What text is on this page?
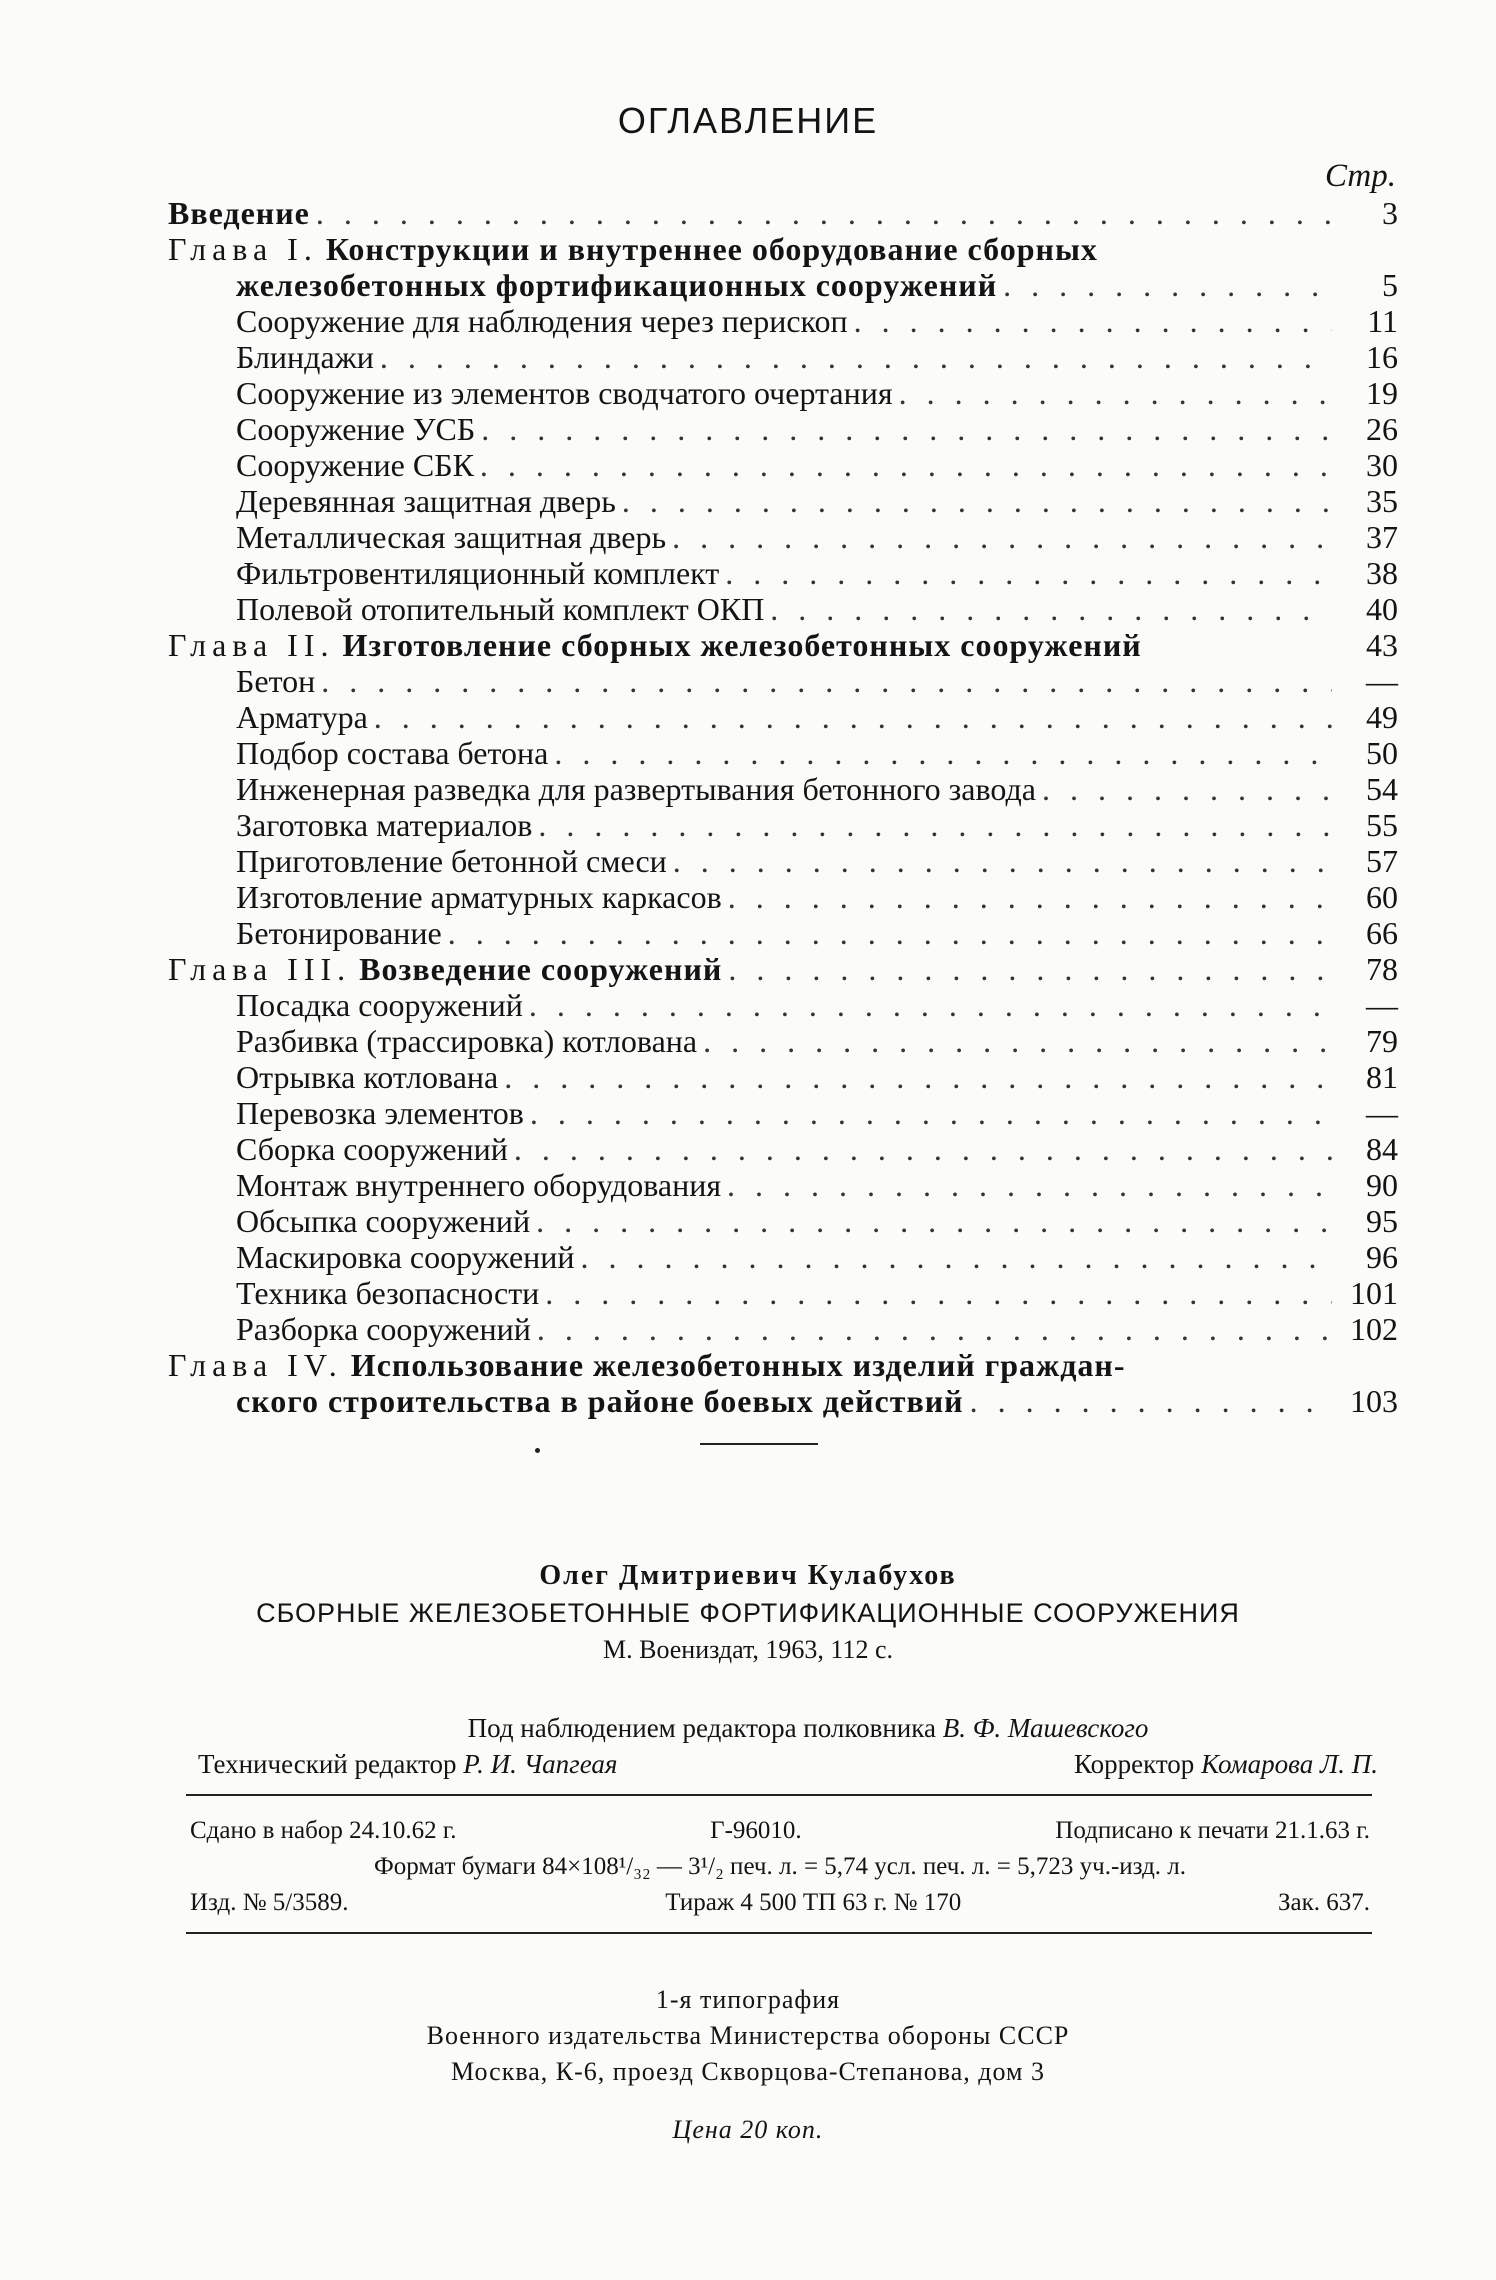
ОГЛАВЛЕНИЕ
Стр.
Введение . . .	3
Глава I. Конструкции и внутреннее оборудование сборных
железобетонных фортификационных сооружений . . .	5
Сооружение для наблюдения через перископ . . .	11
Блиндажи . . .	16
Сооружение из элементов сводчатого очертания . . .	19
Сооружение УСБ . . .	26
Сооружение СБК . . .	30
Деревянная защитная дверь . . .	35
Металлическая защитная дверь . . .	37
Фильтровентиляционный комплект . . .	38
Полевой отопительный комплект ОКП . . .	40
Глава II. Изготовление сборных железобетонных сооружений	43
Бетон . . .	—
Арматура . . .	49
Подбор состава бетона . . .	50
Инженерная разведка для развертывания бетонного завода . . .	54
Заготовка материалов . . .	55
Приготовление бетонной смеси . . .	57
Изготовление арматурных каркасов . . .	60
Бетонирование . . .	66
Глава III. Возведение сооружений . . .	78
Посадка сооружений . . .	—
Разбивка (трассировка) котлована . . .	79
Отрывка котлована . . .	81
Перевозка элементов . . .	—
Сборка сооружений . . .	84
Монтаж внутреннего оборудования . . .	90
Обсыпка сооружений . . .	95
Маскировка сооружений . . .	96
Техника безопасности . . .	101
Разборка сооружений . . .	102
Глава IV. Использование железобетонных изделий граждан-
ского строительства в районе боевых действий . . .	103
Олег Дмитриевич Кулабухов
СБОРНЫЕ ЖЕЛЕЗОБЕТОННЫЕ ФОРТИФИКАЦИОННЫЕ СООРУЖЕНИЯ
М. Воениздат, 1963, 112 с.
Под наблюдением редактора полковника В. Ф. Машевского
Технический редактор Р. И. Чапгеая	Корректор Комарова Л. П.
Сдано в набор 24.10.62 г.	Г-96010.	Подписано к печати 21.1.63 г.
Формат бумаги 84×108¹/₃₂ — 3¹/₂ печ. л. = 5,74 усл. печ. л. = 5,723 уч.-изд. л.
Изд. № 5/3589.	Тираж 4 500 ТП 63 г. № 170	Зак. 637.
1-я типография
Военного издательства Министерства обороны СССР
Москва, К-6, проезд Скворцова-Степанова, дом 3
Цена 20 коп.
